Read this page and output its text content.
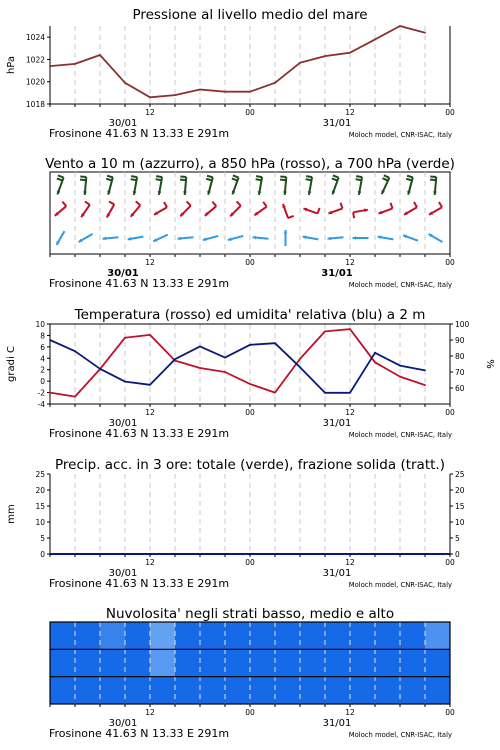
Pressione al livello medio del mare
1024
1022
1020
1018
hPa
12	00	12	00
30/01	31/01
Frosinone 41.63 N 13.33 E 291m	Moloch model, CNR-ISAC, Italy
Vento a 10 m (azzurro), a 850 hPa (rosso), a 700 hPa (verde)
12	00	12	00
30/01	31/01
Frosinone 41.63 N 13.33 E 291m	Moloch model, CNR-ISAC, Italy
Temperatura (rosso) ed umidita' relativa (blu) a 2 m
10
8
6
4
2
0
-2
-4
100
90
80
70
60
gradi C	%
12	00	12	00
30/01	31/01
Frosinone 41.63 N 13.33 E 291m	Moloch model, CNR-ISAC, Italy
Precip. acc. in 3 ore: totale (verde), frazione solida (tratt.)
25
20
15
10
5
0
25
20
15
10
5
0
mm
12	00	12	00
30/01	31/01
Frosinone 41.63 N 13.33 E 291m	Moloch model, CNR-ISAC, Italy
Nuvolosita' negli strati basso, medio e alto
12	00	12	00
30/01	31/01
Frosinone 41.63 N 13.33 E 291m	Moloch model, CNR-ISAC, Italy
